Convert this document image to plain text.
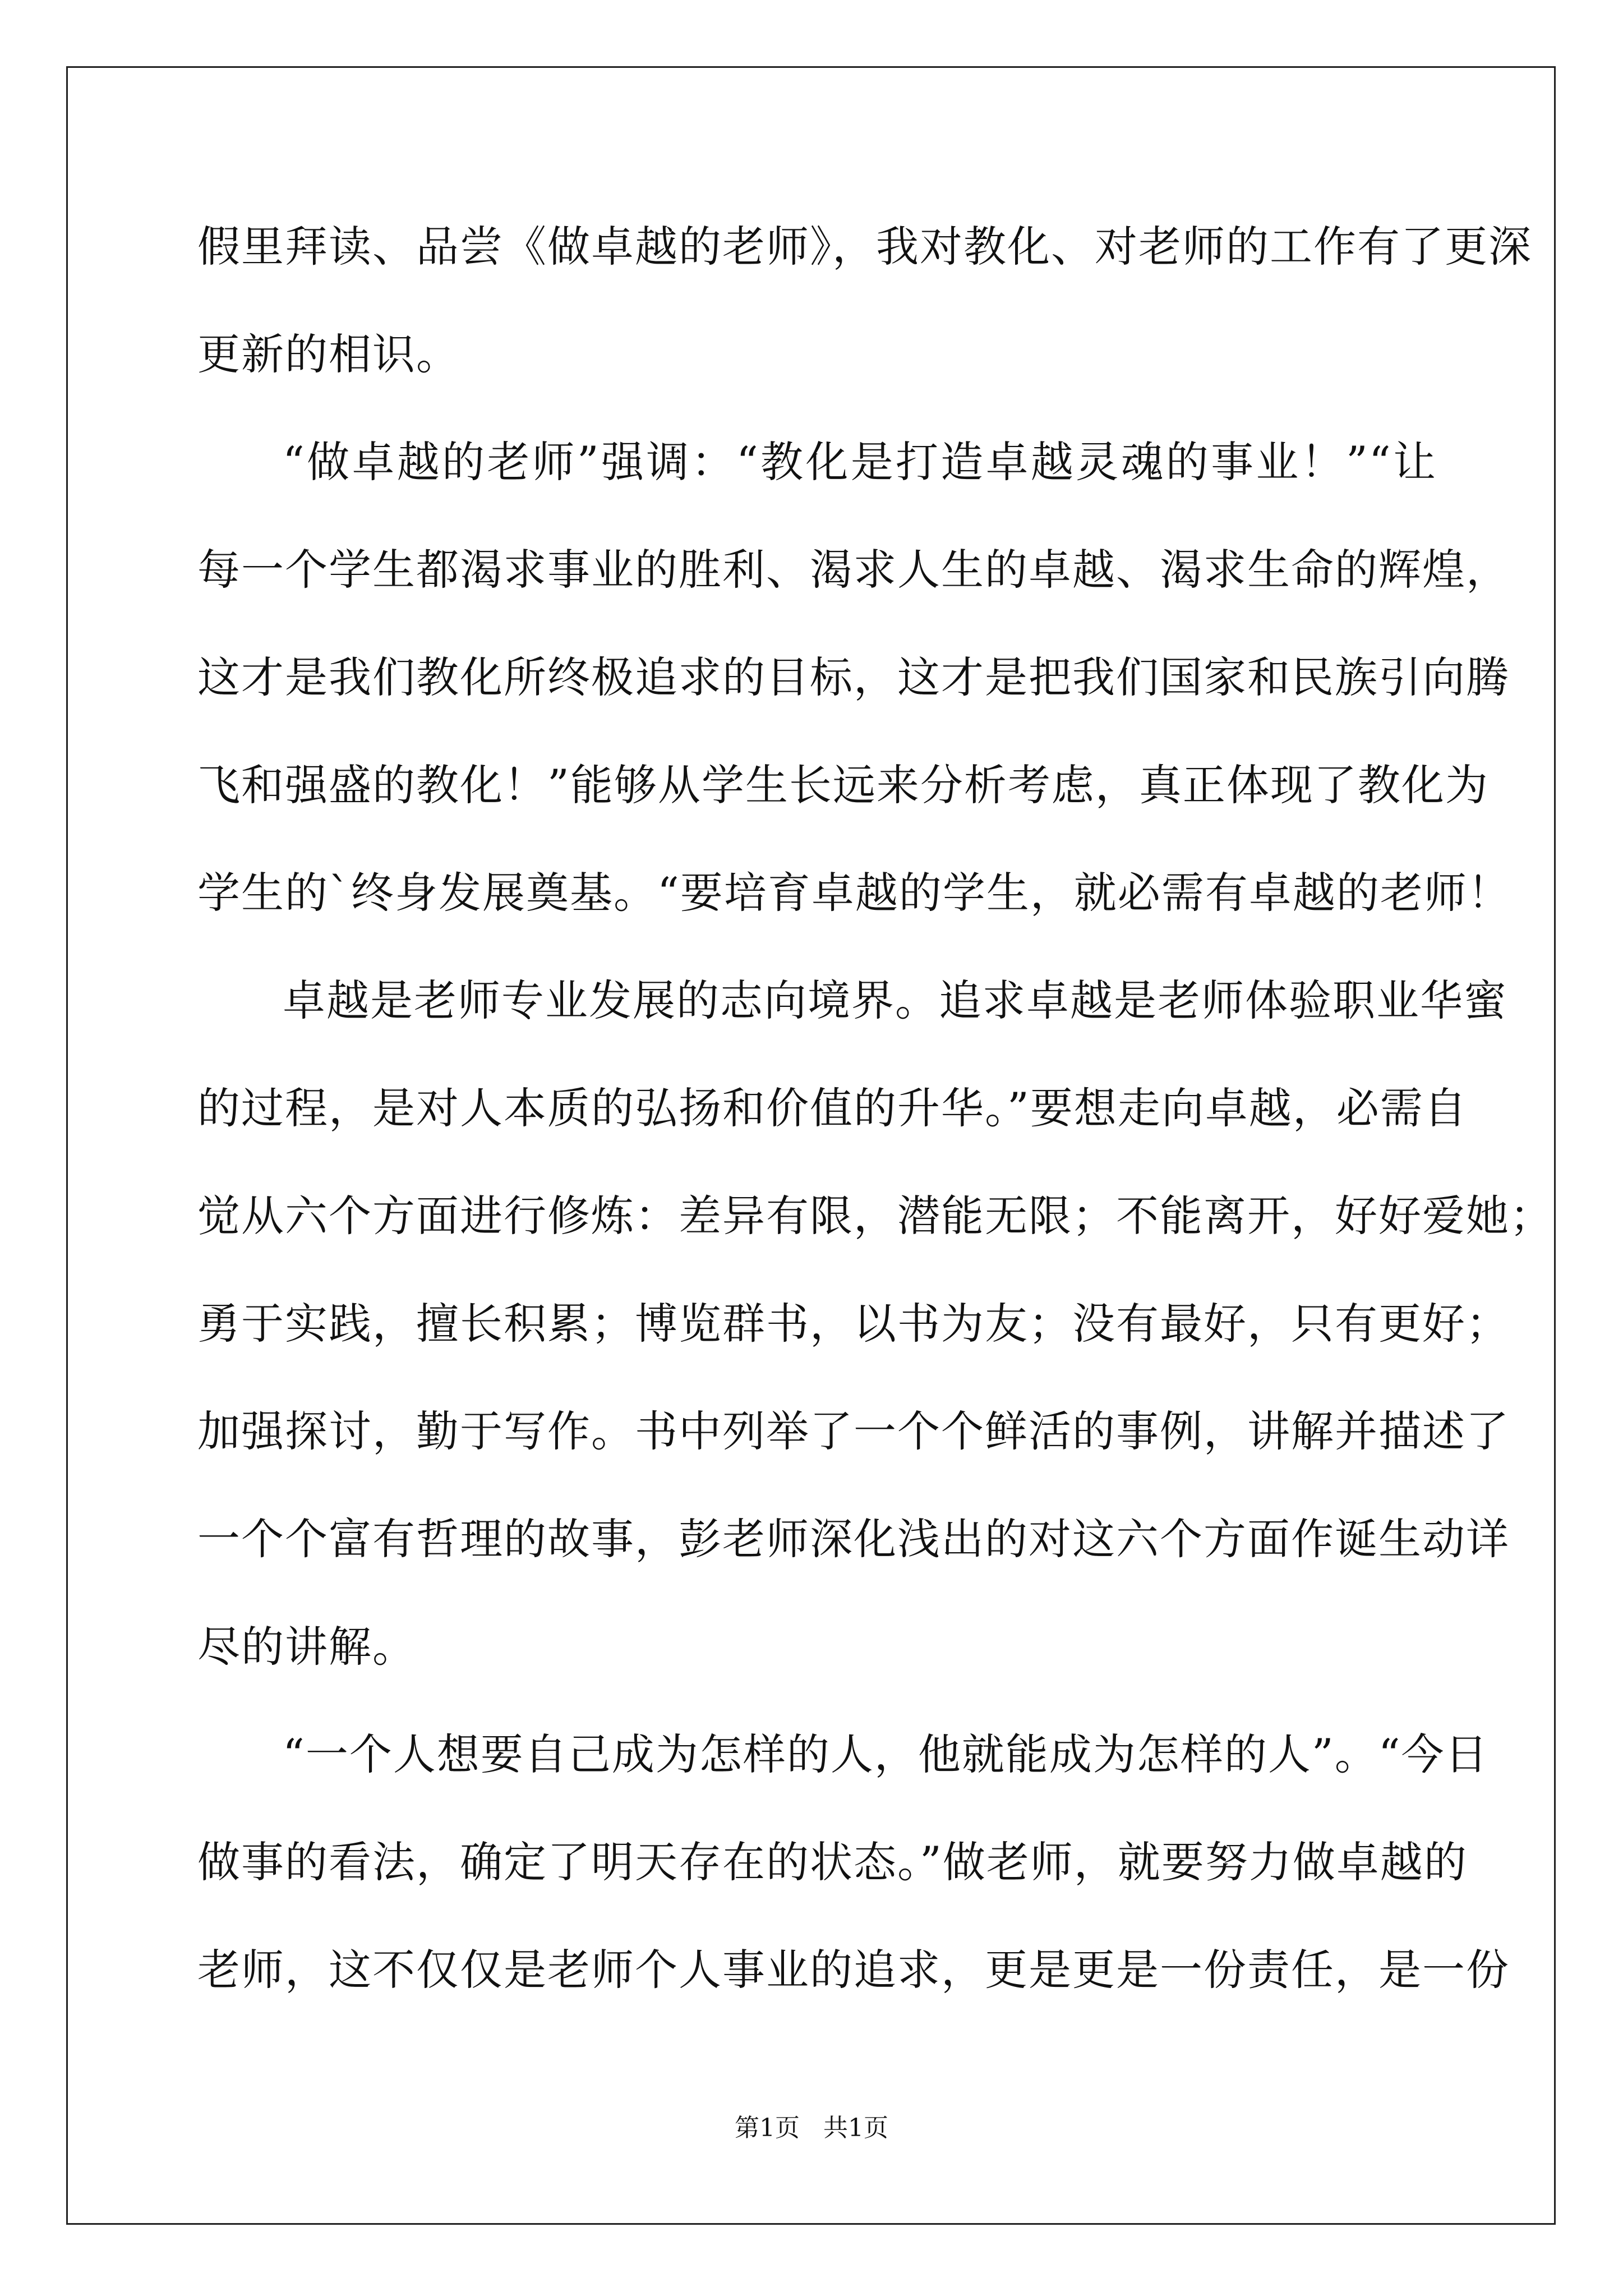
假里拜读、品尝《做卓越的老师》，我对教化、对老师的工作有了更深
更新的相识。
“做卓越的老师”强调：“教化是打造卓越灵魂的事业！”“让
每一个学生都渴求事业的胜利、渴求人生的卓越、渴求生命的辉煌，
这才是我们教化所终极追求的目标，这才是把我们国家和民族引向腾
飞和强盛的教化！”能够从学生长远来分析考虑，真正体现了教化为
学生的`终身发展奠基。“要培育卓越的学生，就必需有卓越的老师！
卓越是老师专业发展的志向境界。追求卓越是老师体验职业华蜜
的过程，是对人本质的弘扬和价值的升华。”要想走向卓越，必需自
觉从六个方面进行修炼：差异有限，潜能无限；不能离开，好好爱她；
勇于实践，擅长积累；博览群书，以书为友；没有最好，只有更好；
加强探讨，勤于写作。书中列举了一个个鲜活的事例，讲解并描述了
一个个富有哲理的故事，彭老师深化浅出的对这六个方面作诞生动详
尽的讲解。
“一个人想要自己成为怎样的人，他就能成为怎样的人”。“今日
做事的看法，确定了明天存在的状态。”做老师，就要努力做卓越的
老师，这不仅仅是老师个人事业的追求，更是更是一份责任，是一份
第1页 共1页
